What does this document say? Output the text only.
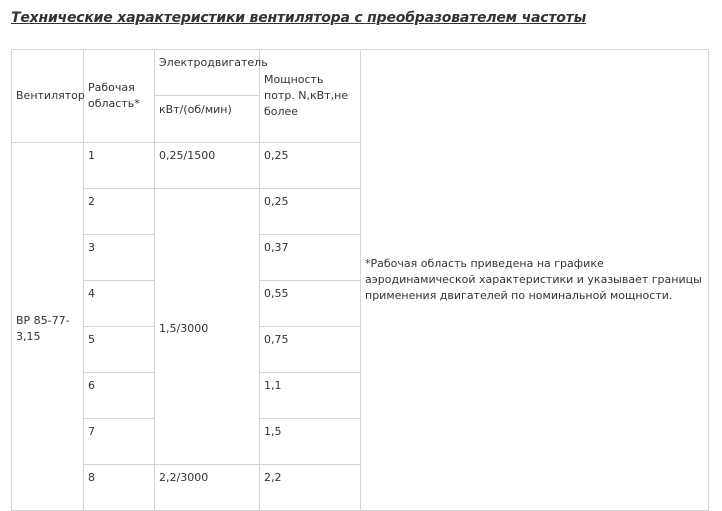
Технические характеристики вентилятора с преобразователем частоты
Вентилятор	Рабочая область*	Электродвигатель	Мощность потр. N,кВт,не более	*Рабочая область приведена на графике аэродинамической характеристики и указывает границы применения двигателей по номинальной мощности.
		кВт/(об/мин)		
ВР 85-77-3,15	1	0,25/1500	0,25	
	2	1,5/3000	0,25	
	3		0,37	
	4		0,55	
	5		0,75	
	6		1,1	
	7		1,5	
	8	2,2/3000	2,2	
